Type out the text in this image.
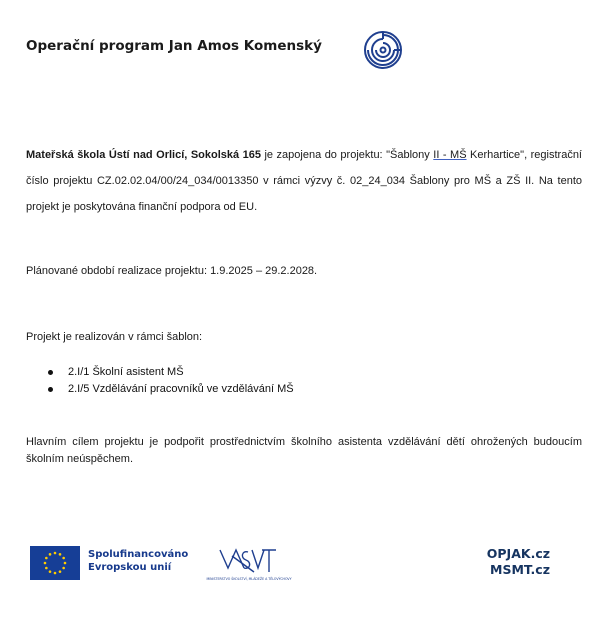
Operační program Jan Amos Komenský
Mateřská škola Ústí nad Orlicí, Sokolská 165 je zapojena do projektu: "Šablony II - MŠ Kerhartice", registrační číslo projektu CZ.02.02.04/00/24_034/0013350 v rámci výzvy č. 02_24_034 Šablony pro MŠ a ZŠ II. Na tento projekt je poskytována finanční podpora od EU.
Plánované období realizace projektu: 1.9.2025 – 29.2.2028.
Projekt je realizován v rámci šablon:
2.I/1 Školní asistent MŠ
2.I/5 Vzdělávání pracovníků ve vzdělávání MŠ
Hlavním cílem projektu je podpořit prostřednictvím školního asistenta vzdělávání dětí ohrožených budoucím školním neúspěchem.
Spolufinancováno
Evropskou unií
MINISTERSTVO ŠKOLSTVÍ, MLÁDEŽE A TĚLOVÝCHOVY
OPJAK.cz
MSMT.cz
